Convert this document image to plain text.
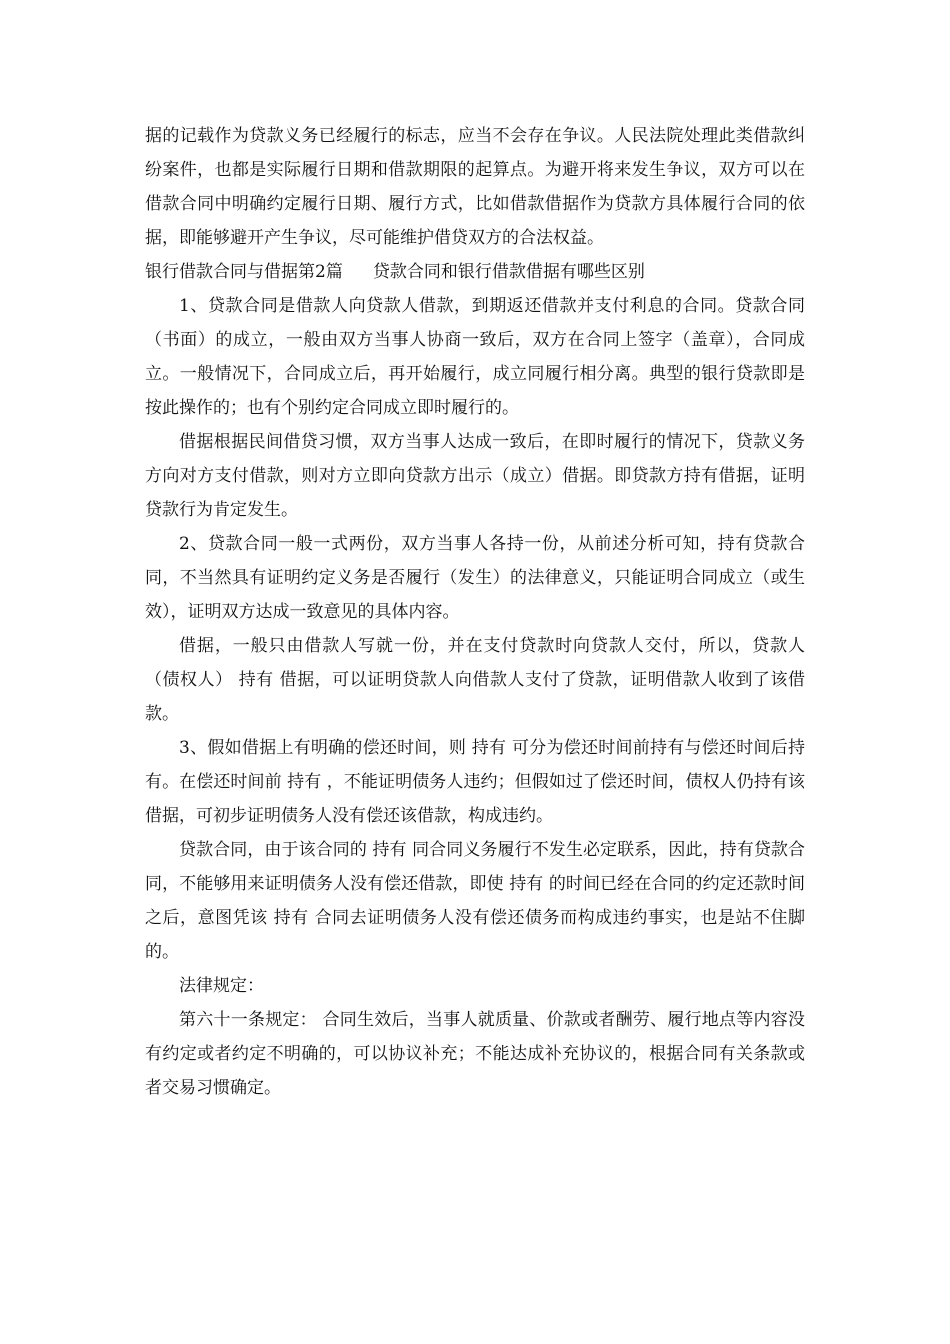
据的记载作为贷款义务已经履行的标志，应当不会存在争议。人民法院处理此类借款纠纷案件，也都是实际履行日期和借款期限的起算点。为避开将来发生争议，双方可以在借款合同中明确约定履行日期、履行方式，比如借款借据作为贷款方具体履行合同的依据，即能够避开产生争议，尽可能维护借贷双方的合法权益。

银行借款合同与借据第2篇 贷款合同和银行借款借据有哪些区别

1、贷款合同是借款人向贷款人借款，到期返还借款并支付利息的合同。贷款合同（书面）的成立，一般由双方当事人协商一致后，双方在合同上签字（盖章），合同成立。一般情况下，合同成立后，再开始履行，成立同履行相分离。典型的银行贷款即是按此操作的；也有个别约定合同成立即时履行的。

借据根据民间借贷习惯，双方当事人达成一致后，在即时履行的情况下，贷款义务方向对方支付借款，则对方立即向贷款方出示（成立）借据。即贷款方持有借据，证明贷款行为肯定发生。

2、贷款合同一般一式两份，双方当事人各持一份，从前述分析可知，持有贷款合同，不当然具有证明约定义务是否履行（发生）的法律意义，只能证明合同成立（或生效），证明双方达成一致意见的具体内容。

借据，一般只由借款人写就一份，并在支付贷款时向贷款人交付，所以，贷款人（债权人） 持有 借据，可以证明贷款人向借款人支付了贷款，证明借款人收到了该借款。

3、假如借据上有明确的偿还时间，则 持有 可分为偿还时间前持有与偿还时间后持有。在偿还时间前 持有 ，不能证明债务人违约；但假如过了偿还时间，债权人仍持有该借据，可初步证明债务人没有偿还该借款，构成违约。

贷款合同，由于该合同的 持有 同合同义务履行不发生必定联系，因此，持有贷款合同，不能够用来证明债务人没有偿还借款，即使 持有 的时间已经在合同的约定还款时间之后，意图凭该 持有 合同去证明债务人没有偿还债务而构成违约事实，也是站不住脚的。

法律规定：

第六十一条规定： 合同生效后，当事人就质量、价款或者酬劳、履行地点等内容没有约定或者约定不明确的，可以协议补充；不能达成补充协议的，根据合同有关条款或者交易习惯确定。
